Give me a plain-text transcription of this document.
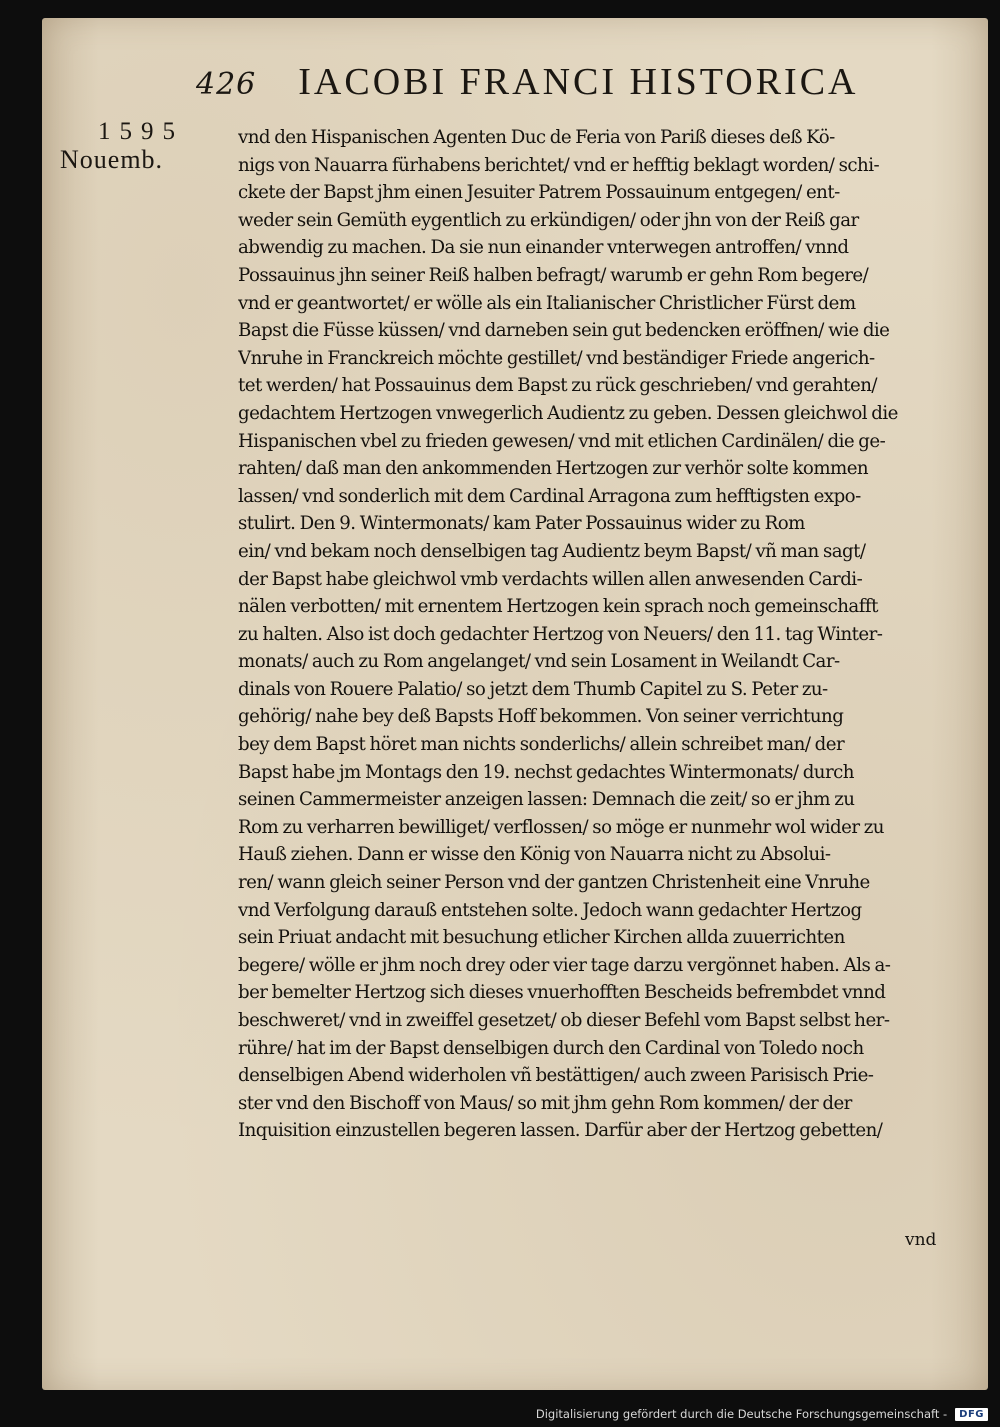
426 IACOBI FRANCI HISTORICA
1595
Nouemb.
vnd den Hispanischen Agenten Duc de Feria von Pariß dieses deß Kö-
nigs von Nauarra fürhabens berichtet/ vnd er hefftig beklagt worden/ schi-
ckete der Bapst jhm einen Jesuiter Patrem Possauinum entgegen/ ent-
weder sein Gemüth eygentlich zu erkündigen/ oder jhn von der Reiß gar
abwendig zu machen. Da sie nun einander vnterwegen antroffen/ vnnd
Possauinus jhn seiner Reiß halben befragt/ warumb er gehn Rom begere/
vnd er geantwortet/ er wölle als ein Italianischer Christlicher Fürst dem
Bapst die Füsse küssen/ vnd darneben sein gut bedencken eröffnen/ wie die
Vnruhe in Franckreich möchte gestillet/ vnd beständiger Friede angerich-
tet werden/ hat Possauinus dem Bapst zu rück geschrieben/ vnd gerahten/
gedachtem Hertzogen vnwegerlich Audientz zu geben. Dessen gleichwol die
Hispanischen vbel zu frieden gewesen/ vnd mit etlichen Cardinälen/ die ge-
rahten/ daß man den ankommenden Hertzogen zur verhör solte kommen
lassen/ vnd sonderlich mit dem Cardinal Arragona zum hefftigsten expo-
stulirt. Den 9. Wintermonats/ kam Pater Possauinus wider zu Rom
ein/ vnd bekam noch denselbigen tag Audientz beym Bapst/ vñ man sagt/
der Bapst habe gleichwol vmb verdachts willen allen anwesenden Cardi-
nälen verbotten/ mit ernentem Hertzogen kein sprach noch gemeinschafft
zu halten. Also ist doch gedachter Hertzog von Neuers/ den 11. tag Winter-
monats/ auch zu Rom angelanget/ vnd sein Losament in Weilandt Car-
dinals von Rouere Palatio/ so jetzt dem Thumb Capitel zu S. Peter zu-
gehörig/ nahe bey deß Bapsts Hoff bekommen. Von seiner verrichtung
bey dem Bapst höret man nichts sonderlichs/ allein schreibet man/ der
Bapst habe jm Montags den 19. nechst gedachtes Wintermonats/ durch
seinen Cammermeister anzeigen lassen: Demnach die zeit/ so er jhm zu
Rom zu verharren bewilliget/ verflossen/ so möge er nunmehr wol wider zu
Hauß ziehen. Dann er wisse den König von Nauarra nicht zu Absolui-
ren/ wann gleich seiner Person vnd der gantzen Christenheit eine Vnruhe
vnd Verfolgung darauß entstehen solte. Jedoch wann gedachter Hertzog
sein Priuat andacht mit besuchung etlicher Kirchen allda zuuerrichten
begere/ wölle er jhm noch drey oder vier tage darzu vergönnet haben. Als a-
ber bemelter Hertzog sich dieses vnuerhofften Bescheids befrembdet vnnd
beschweret/ vnd in zweiffel gesetzet/ ob dieser Befehl vom Bapst selbst her-
rühre/ hat im der Bapst denselbigen durch den Cardinal von Toledo noch
denselbigen Abend widerholen vñ bestättigen/ auch zween Parisisch Prie-
ster vnd den Bischoff von Maus/ so mit jhm gehn Rom kommen/ der der
Inquisition einzustellen begeren lassen. Darfür aber der Hertzog gebetten/
vnd
Digitalisierung gefördert durch die Deutsche Forschungsgemeinschaft -	DFG
